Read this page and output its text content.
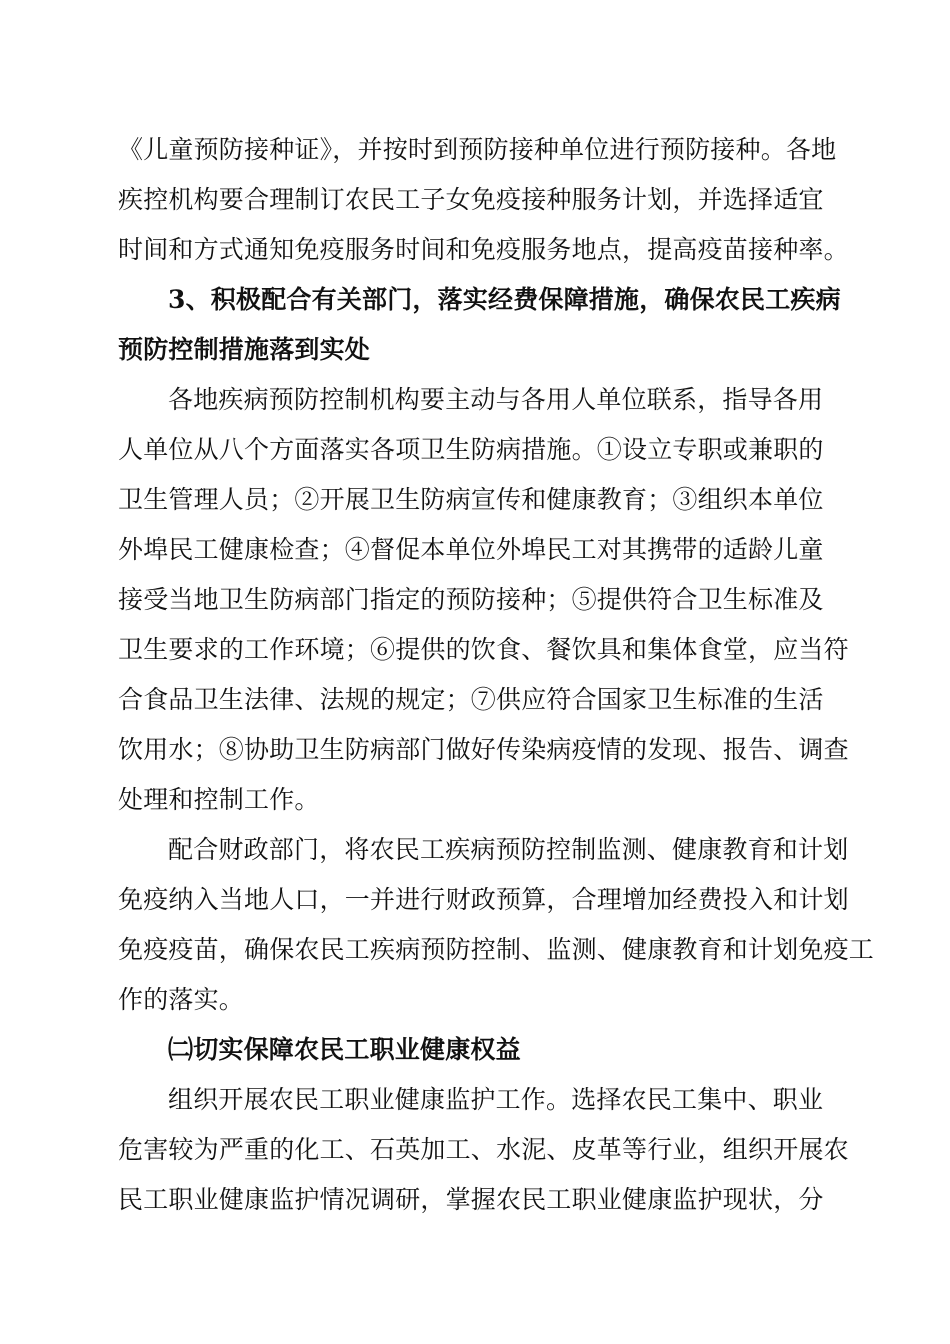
《儿童预防接种证》，并按时到预防接种单位进行预防接种。各地
疾控机构要合理制订农民工子女免疫接种服务计划，并选择适宜
时间和方式通知免疫服务时间和免疫服务地点，提高疫苗接种率。
3、积极配合有关部门，落实经费保障措施，确保农民工疾病
预防控制措施落到实处
各地疾病预防控制机构要主动与各用人单位联系，指导各用
人单位从八个方面落实各项卫生防病措施。①设立专职或兼职的
卫生管理人员；②开展卫生防病宣传和健康教育；③组织本单位
外埠民工健康检查；④督促本单位外埠民工对其携带的适龄儿童
接受当地卫生防病部门指定的预防接种；⑤提供符合卫生标准及
卫生要求的工作环境；⑥提供的饮食、餐饮具和集体食堂，应当符
合食品卫生法律、法规的规定；⑦供应符合国家卫生标准的生活
饮用水；⑧协助卫生防病部门做好传染病疫情的发现、报告、调查
处理和控制工作。
配合财政部门，将农民工疾病预防控制监测、健康教育和计划
免疫纳入当地人口，一并进行财政预算，合理增加经费投入和计划
免疫疫苗，确保农民工疾病预防控制、监测、健康教育和计划免疫工
作的落实。
㈡切实保障农民工职业健康权益
组织开展农民工职业健康监护工作。选择农民工集中、职业
危害较为严重的化工、石英加工、水泥、皮革等行业，组织开展农
民工职业健康监护情况调研，掌握农民工职业健康监护现状，分
